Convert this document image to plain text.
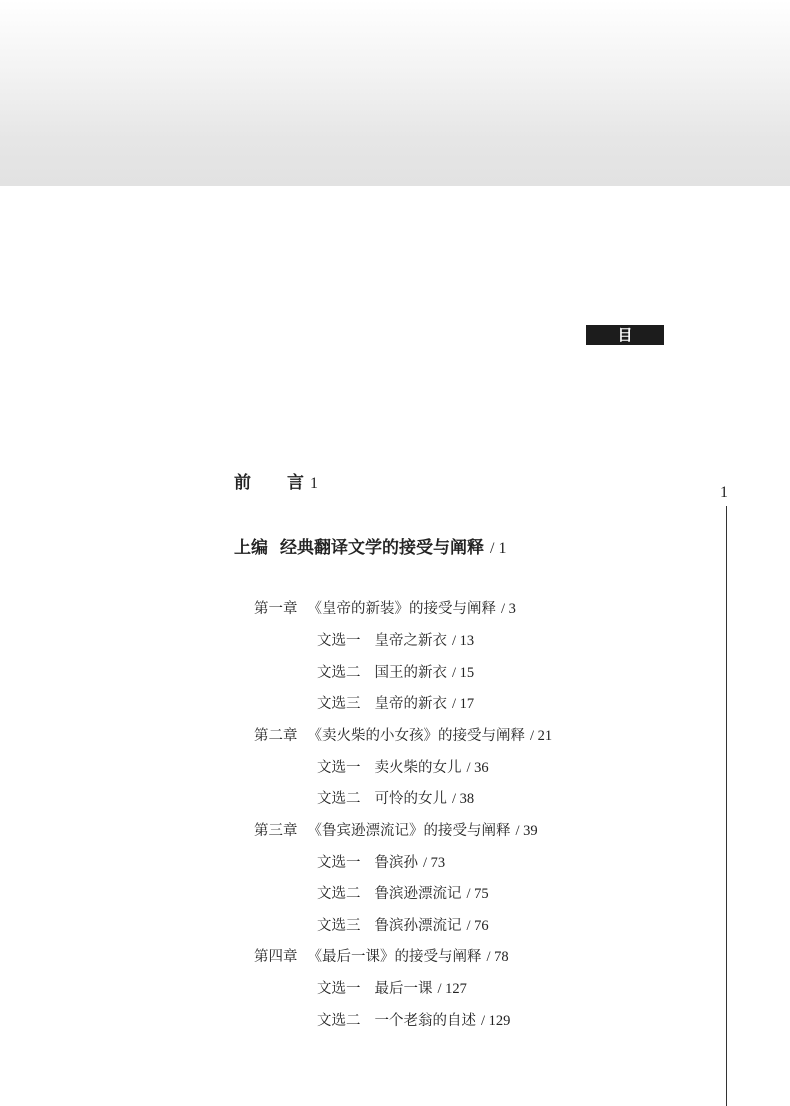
目录
1
前 言 1
上编 经典翻译文学的接受与阐释 / 1
第一章 《皇帝的新装》的接受与阐释 / 3
文选一 皇帝之新衣 / 13
文选二 国王的新衣 / 15
文选三 皇帝的新衣 / 17
第二章 《卖火柴的小女孩》的接受与阐释 / 21
文选一 卖火柴的女儿 / 36
文选二 可怜的女儿 / 38
第三章 《鲁宾逊漂流记》的接受与阐释 / 39
文选一 鲁滨孙 / 73
文选二 鲁滨逊漂流记 / 75
文选三 鲁滨孙漂流记 / 76
第四章 《最后一课》的接受与阐释 / 78
文选一 最后一课 / 127
文选二 一个老翁的自述 / 129
